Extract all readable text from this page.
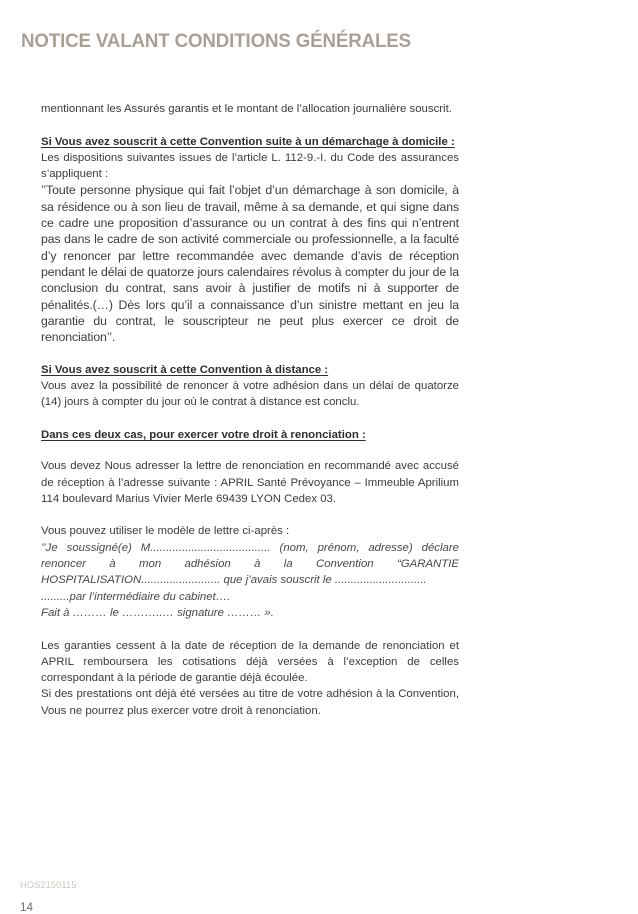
NOTICE VALANT CONDITIONS GÉNÉRALES

mentionnant les Assurés garantis et le montant de l’allocation journalière souscrit.

Si Vous avez souscrit à cette Convention suite à un démarchage à domicile :

Les dispositions suivantes issues de l’article L. 112-9.-I. du Code des assurances s’appliquent :

’’Toute personne physique qui fait l’objet d’un démarchage à son domicile, à sa résidence ou à son lieu de travail, même à sa demande, et qui signe dans ce cadre une proposition d’assurance ou un contrat à des fins qui n’entrent pas dans le cadre de son activité commerciale ou professionnelle, a la faculté d’y renoncer par lettre recommandée avec demande d’avis de réception pendant le délai de quatorze jours calendaires révolus à compter du jour de la conclusion du contrat, sans avoir à justifier de motifs ni à supporter de pénalités.(…) Dès lors qu’il a connaissance d’un sinistre mettant en jeu la garantie du contrat, le souscripteur ne peut plus exercer ce droit de renonciation’’.

Si Vous avez souscrit à cette Convention à distance :

Vous avez la possibilité de renoncer à votre adhésion dans un délai de quatorze (14) jours à compter du jour où le contrat à distance est conclu.

Dans ces deux cas, pour exercer votre droit à renonciation :

Vous devez Nous adresser la lettre de renonciation en recommandé avec accusé de réception à l’adresse suivante : APRIL Santé Prévoyance – Immeuble Aprilium 114 boulevard Marius Vivier Merle 69439 LYON Cedex 03.

Vous pouvez utiliser le modèle de lettre ci-après :

’’Je soussigné(e) M...................................... (nom, prénom, adresse) déclare renoncer à mon adhésion à la Convention “GARANTIE HOSPITALISATION......................... que j’avais souscrit le .............................

.........par l’intermédiaire du cabinet….

Fait à ……… le ………..… signature ……… ».

Les garanties cessent à la date de réception de la demande de renonciation et APRIL remboursera les cotisations déjà versées à l’exception de celles correspondant à la période de garantie déjà écoulée.

Si des prestations ont déjà été versées au titre de votre adhésion à la Convention, Vous ne pourrez plus exercer votre droit à renonciation.

HOS2150115
14
